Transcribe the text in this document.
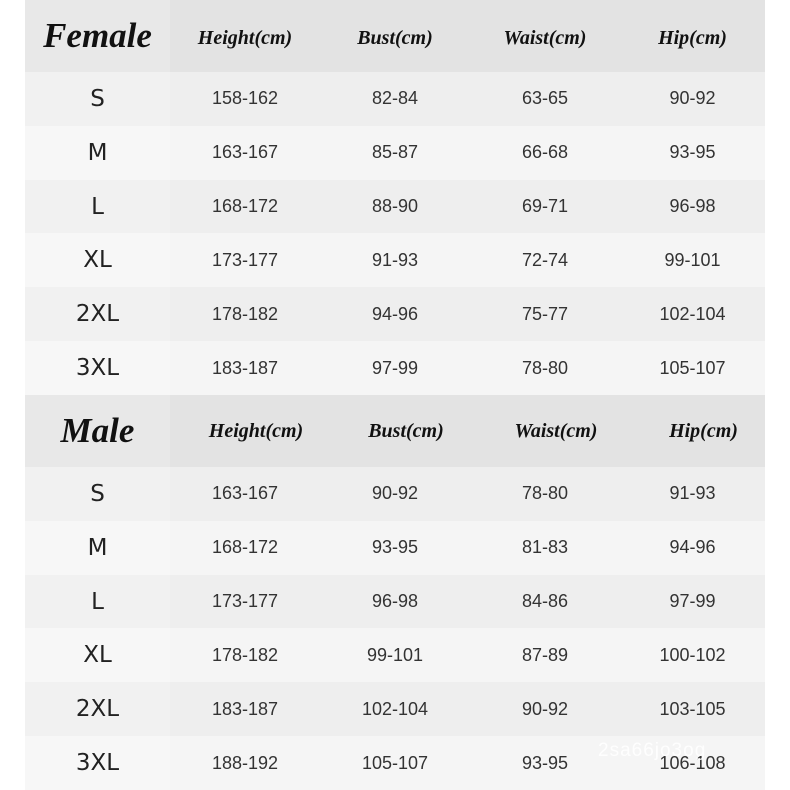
Female	Height(cm)	Bust(cm)	Waist(cm)	Hip(cm)
S	158-162	82-84	63-65	90-92
M	163-167	85-87	66-68	93-95
L	168-172	88-90	69-71	96-98
XL	173-177	91-93	72-74	99-101
2XL	178-182	94-96	75-77	102-104
3XL	183-187	97-99	78-80	105-107
Male	Height(cm)	Bust(cm)	Waist(cm)	Hip(cm)
S	163-167	90-92	78-80	91-93
M	168-172	93-95	81-83	94-96
L	173-177	96-98	84-86	97-99
XL	178-182	99-101	87-89	100-102
2XL	183-187	102-104	90-92	103-105
3XL	188-192	105-107	93-95	106-108
2sa66jo3og
